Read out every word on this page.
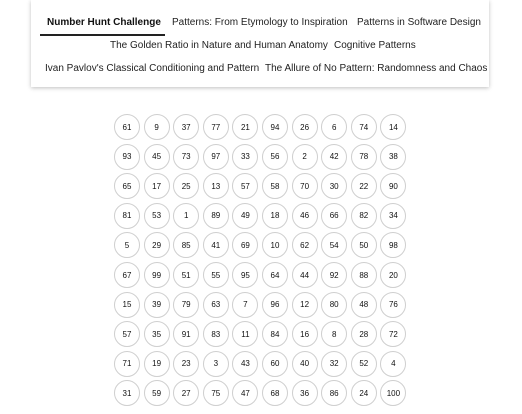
Number Hunt Challenge Patterns: From Etymology to Inspiration Patterns in Software Design
The Golden Ratio in Nature and Human Anatomy Cognitive Patterns
Ivan Pavlov's Classical Conditioning and Pattern The Allure of No Pattern: Randomness and Chaos
61	9	37	77	21	94	26	6	74	14
93	45	73	97	33	56	2	42	78	38
65	17	25	13	57	58	70	30	22	90
81	53	1	89	49	18	46	66	82	34
5	29	85	41	69	10	62	54	50	98
67	99	51	55	95	64	44	92	88	20
15	39	79	63	7	96	12	80	48	76
57	35	91	83	11	84	16	8	28	72
71	19	23	3	43	60	40	32	52	4
31	59	27	75	47	68	36	86	24	100
